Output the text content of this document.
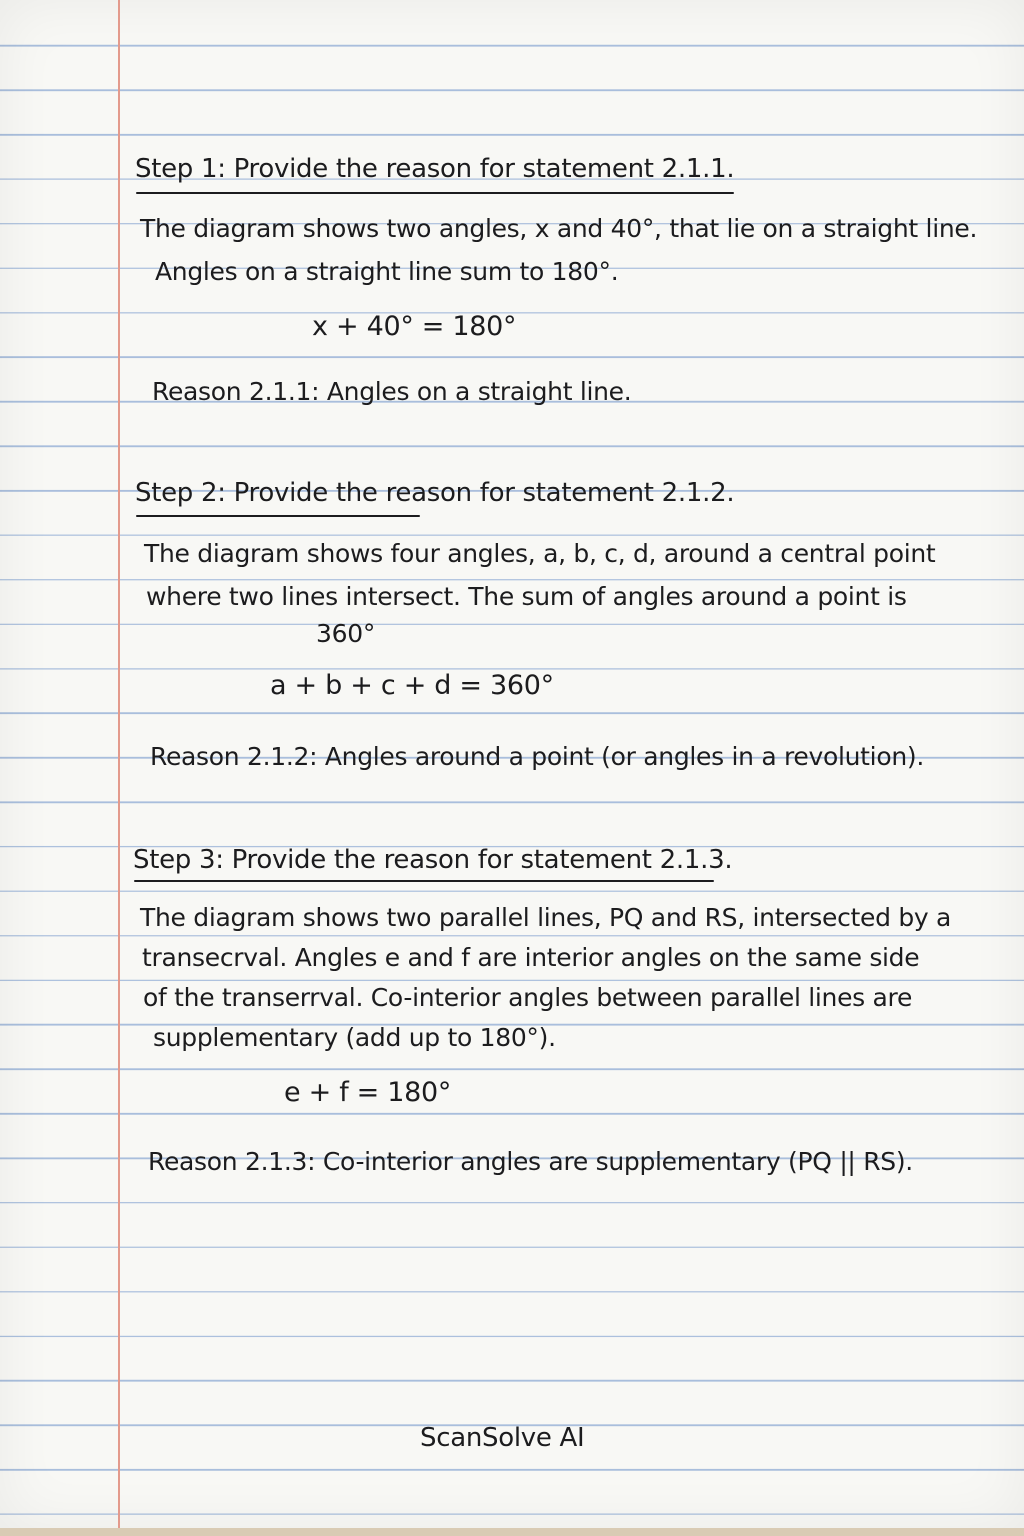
Step 1: Provide the reason for statement 2.1.1.
The diagram shows two angles, x and 40°, that lie on a straight line.
Angles on a straight line sum to 180°.
x + 40° = 180°
Reason 2.1.1: Angles on a straight line.
Step 2: Provide the reason for statement 2.1.2.
The diagram shows four angles, a, b, c, d, around a central point
where two lines intersect. The sum of angles around a point is
360°
a + b + c + d = 360°
Reason 2.1.2: Angles around a point (or angles in a revolution).
Step 3: Provide the reason for statement 2.1.3.
The diagram shows two parallel lines, PQ and RS, intersected by a
transecrval. Angles e and f are interior angles on the same side
of the transerrval. Co-interior angles between parallel lines are
supplementary (add up to 180°).
e + f = 180°
Reason 2.1.3: Co-interior angles are supplementary (PQ || RS).
ScanSolve AI
